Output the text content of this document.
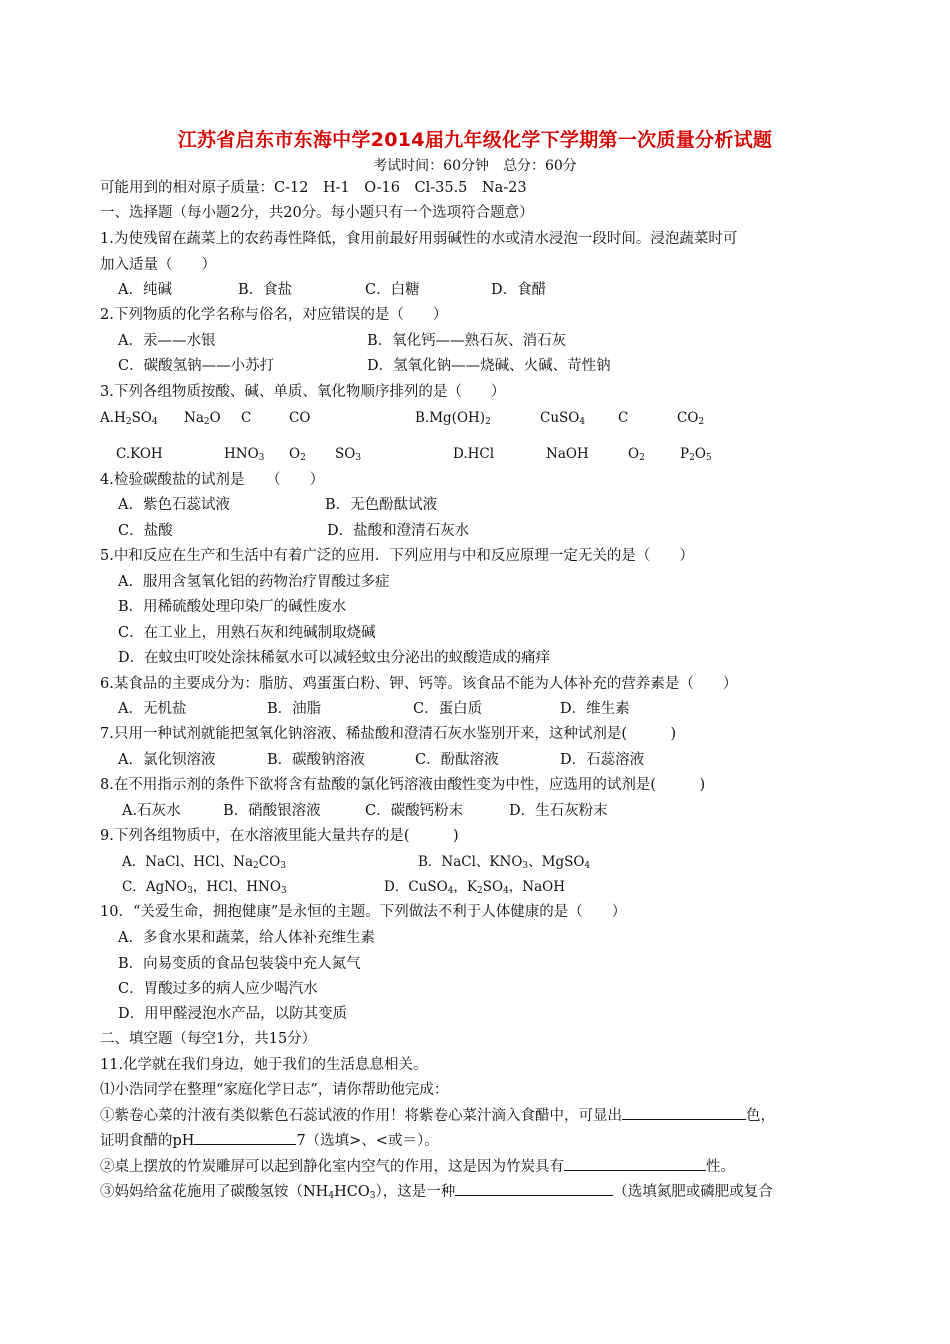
江苏省启东市东海中学2014届九年级化学下学期第一次质量分析试题
考试时间：60分钟　总分：60分
可能用到的相对原子质量：C-12　H-1　O-16　Cl-35.5　Na-23
一、选择题（每小题2分，共20分。每小题只有一个选项符合题意）
1.为使残留在蔬菜上的农药毒性降低，食用前最好用弱碱性的水或清水浸泡一段时间。浸泡蔬菜时可
加入适量（　　）
A．纯碱	B．食盐	C．白糖	D．食醋
2.下列物质的化学名称与俗名，对应错误的是（　　）
A．汞——水银	B．氧化钙——熟石灰、消石灰
C．碳酸氢钠——小苏打	D．氢氧化钠——烧碱、火碱、苛性钠
3.下列各组物质按酸、碱、单质、氧化物顺序排列的是（　　）
$A.H_2SO_4$ $Na_2O$ C	CO	$B.Mg(OH)_2$	CuSO$_4$ C	$CO_2$
C.KOH	$HNO_3$ $O_2$ $SO_3$	D.HCl	NaOH	$O_2$	$P_2O_5$
4.检验碳酸盐的试剂是　　（　　）
A．紫色石蕊试液	B．无色酚酞试液
C．盐酸	D．盐酸和澄清石灰水
5.中和反应在生产和生活中有着广泛的应用．下列应用与中和反应原理一定无关的是（　　）
A．服用含氢氧化铝的药物治疗胃酸过多症
B．用稀硫酸处理印染厂的碱性废水
C．在工业上，用熟石灰和纯碱制取烧碱
D．在蚊虫叮咬处涂抹稀氨水可以减轻蚊虫分泌出的蚁酸造成的痛痒
6.某食品的主要成分为：脂肪、鸡蛋蛋白粉、钾、钙等。该食品不能为人体补充的营养素是（　　）
A．无机盐	B．油脂	C．蛋白质	D．维生素
7.只用一种试剂就能把氢氧化钠溶液、稀盐酸和澄清石灰水鉴别开来，这种试剂是(　　　)
A．氯化钡溶液	B．碳酸钠溶液	C．酚酞溶液	D．石蕊溶液
8.在不用指示剂的条件下欲将含有盐酸的氯化钙溶液由酸性变为中性，应选用的试剂是(　　　)
A.石灰水	B．硝酸银溶液	C．碳酸钙粉末	D．生石灰粉末
9.下列各组物质中，在水溶液里能大量共存的是(　　　)
A．NaCl、HCl、$Na_2CO_3$	B．NaCl、$KNO_3$、MgSO$_4$
C．AgNO$_3$，HCl、$HNO_3$	D．CuSO$_4$，$K_2SO_4$，NaOH
10．“关爱生命，拥抱健康”是永恒的主题。下列做法不利于人体健康的是（　　）
A．多食水果和蔬菜，给人体补充维生素
B．向易变质的食品包装袋中充人氮气
C．胃酸过多的病人应少喝汽水
D．用甲醛浸泡水产品，以防其变质
二、填空题（每空1分，共15分）
11.化学就在我们身边，她于我们的生活息息相关。
⑴小浩同学在整理“家庭化学日志”，请你帮助他完成：
①紫卷心菜的汁液有类似紫色石蕊试液的作用！将紫卷心菜汁滴入食醋中，可显出	色，
证明食醋的pH	7（选填>、<或＝）。
②桌上摆放的竹炭雕屏可以起到静化室内空气的作用，这是因为竹炭具有	性。
③妈妈给盆花施用了碳酸氢铵$(NH_4HCO_3)$，这是一种	（选填氮肥或磷肥或复合
